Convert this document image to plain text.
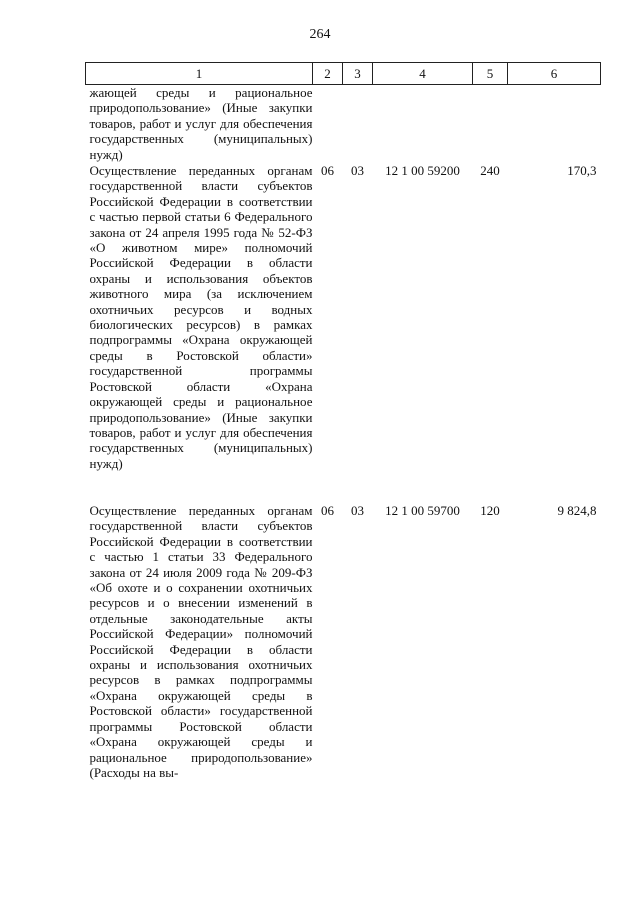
264
1	2	3	4	5	6
жающей среды и рациональное природопользование» (Иные закупки товаров, работ и услуг для обеспечения государственных (муниципальных) нужд)					
Осуществление переданных органам государственной власти субъектов Российской Федерации в соответствии с частью первой статьи 6 Федерального закона от 24 апреля 1995 года № 52-ФЗ «О животном мире» полномочий Российской Федерации в области охраны и использования объектов животного мира (за исключением охотничьих ресурсов и водных биологических ресурсов) в рамках подпрограммы «Охрана окружающей среды в Ростовской области» государственной программы Ростовской области «Охрана окружающей среды и рациональное природопользование» (Иные закупки товаров, работ и услуг для обеспечения государственных (муниципальных) нужд)	06	03	12 1 00 59200	240	170,3
Осуществление переданных органам государственной власти субъектов Российской Федерации в соответствии с частью 1 статьи 33 Федерального закона от 24 июля 2009 года № 209-ФЗ «Об охоте и о сохранении охотничьих ресурсов и о внесении изменений в отдельные законодательные акты Российской Федерации» полномочий Российской Федерации в области охраны и использования охотничьих ресурсов в рамках подпрограммы «Охрана окружающей среды в Ростовской области» государственной программы Ростовской области «Охрана окружающей среды и рациональное природопользование» (Расходы на вы-	06	03	12 1 00 59700	120	9 824,8
